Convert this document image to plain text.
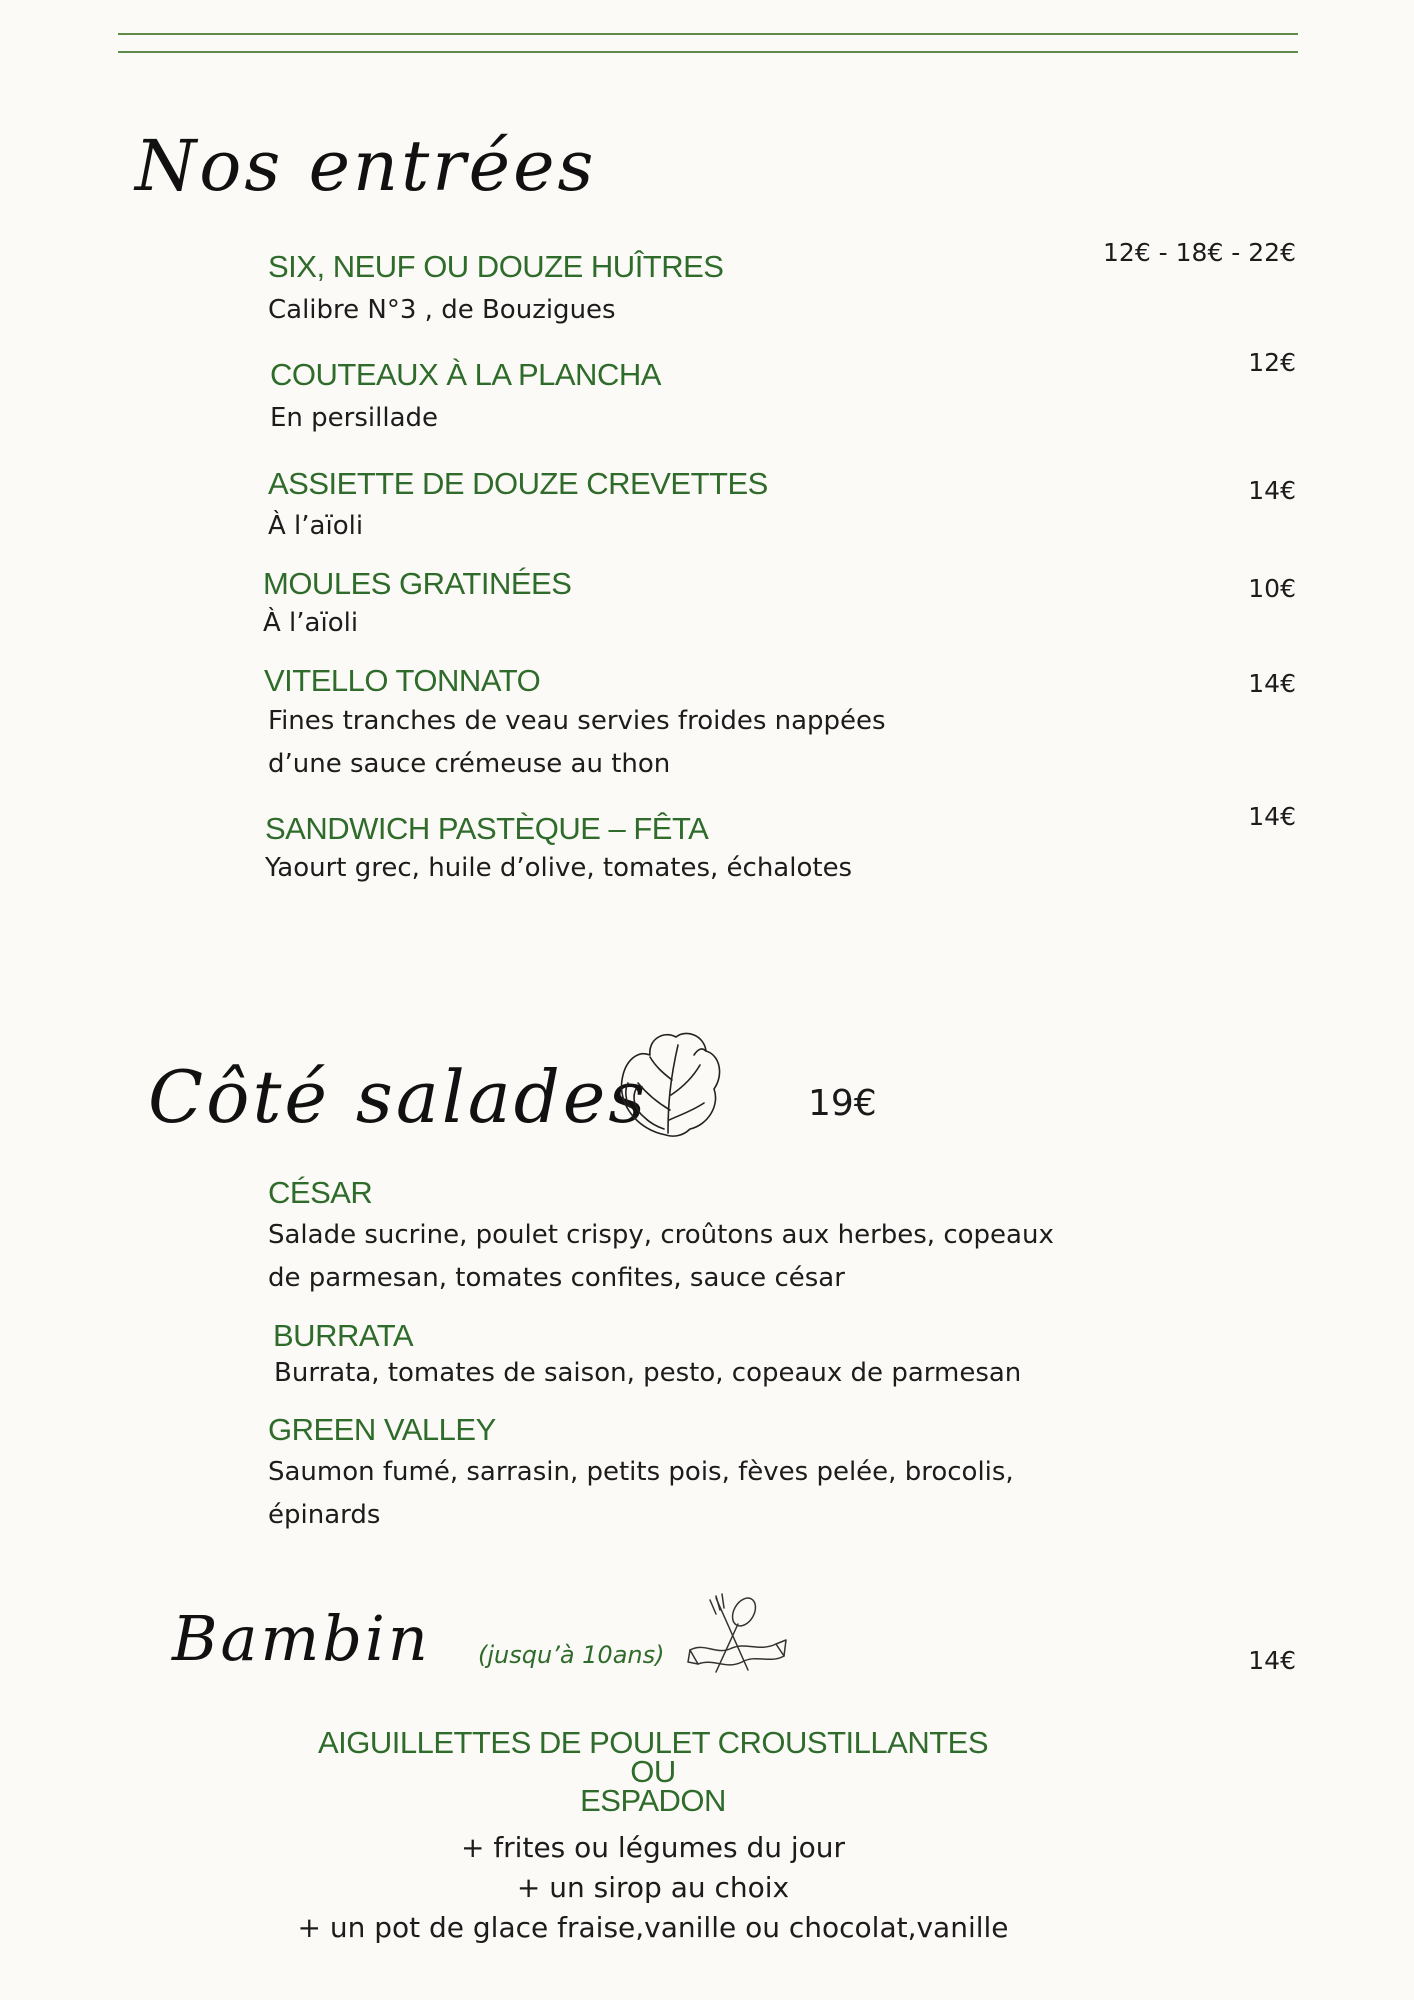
Nos entrées
SIX, NEUF OU DOUZE HUÎTRES
Calibre N°3 , de Bouzigues
12€ - 18€ - 22€
COUTEAUX À LA PLANCHA
En persillade
12€
ASSIETTE DE DOUZE CREVETTES
À l’aïoli
14€
MOULES GRATINÉES
À l’aïoli
10€
VITELLO TONNATO
Fines tranches de veau servies froides nappées
d’une sauce crémeuse au thon
14€
SANDWICH PASTÈQUE – FÊTA
Yaourt grec, huile d’olive, tomates, échalotes
14€
Côté salades	19€
CÉSAR
Salade sucrine, poulet crispy, croûtons aux herbes, copeaux
de parmesan, tomates confites, sauce césar
BURRATA
Burrata, tomates de saison, pesto, copeaux de parmesan
GREEN VALLEY
Saumon fumé, sarrasin, petits pois, fèves pelée, brocolis,
épinards
Bambin (jusqu’à 10ans)	14€
AIGUILLETTES DE POULET CROUSTILLANTES
OU
ESPADON
+ frites ou légumes du jour
+ un sirop au choix
+ un pot de glace fraise,vanille ou chocolat,vanille
